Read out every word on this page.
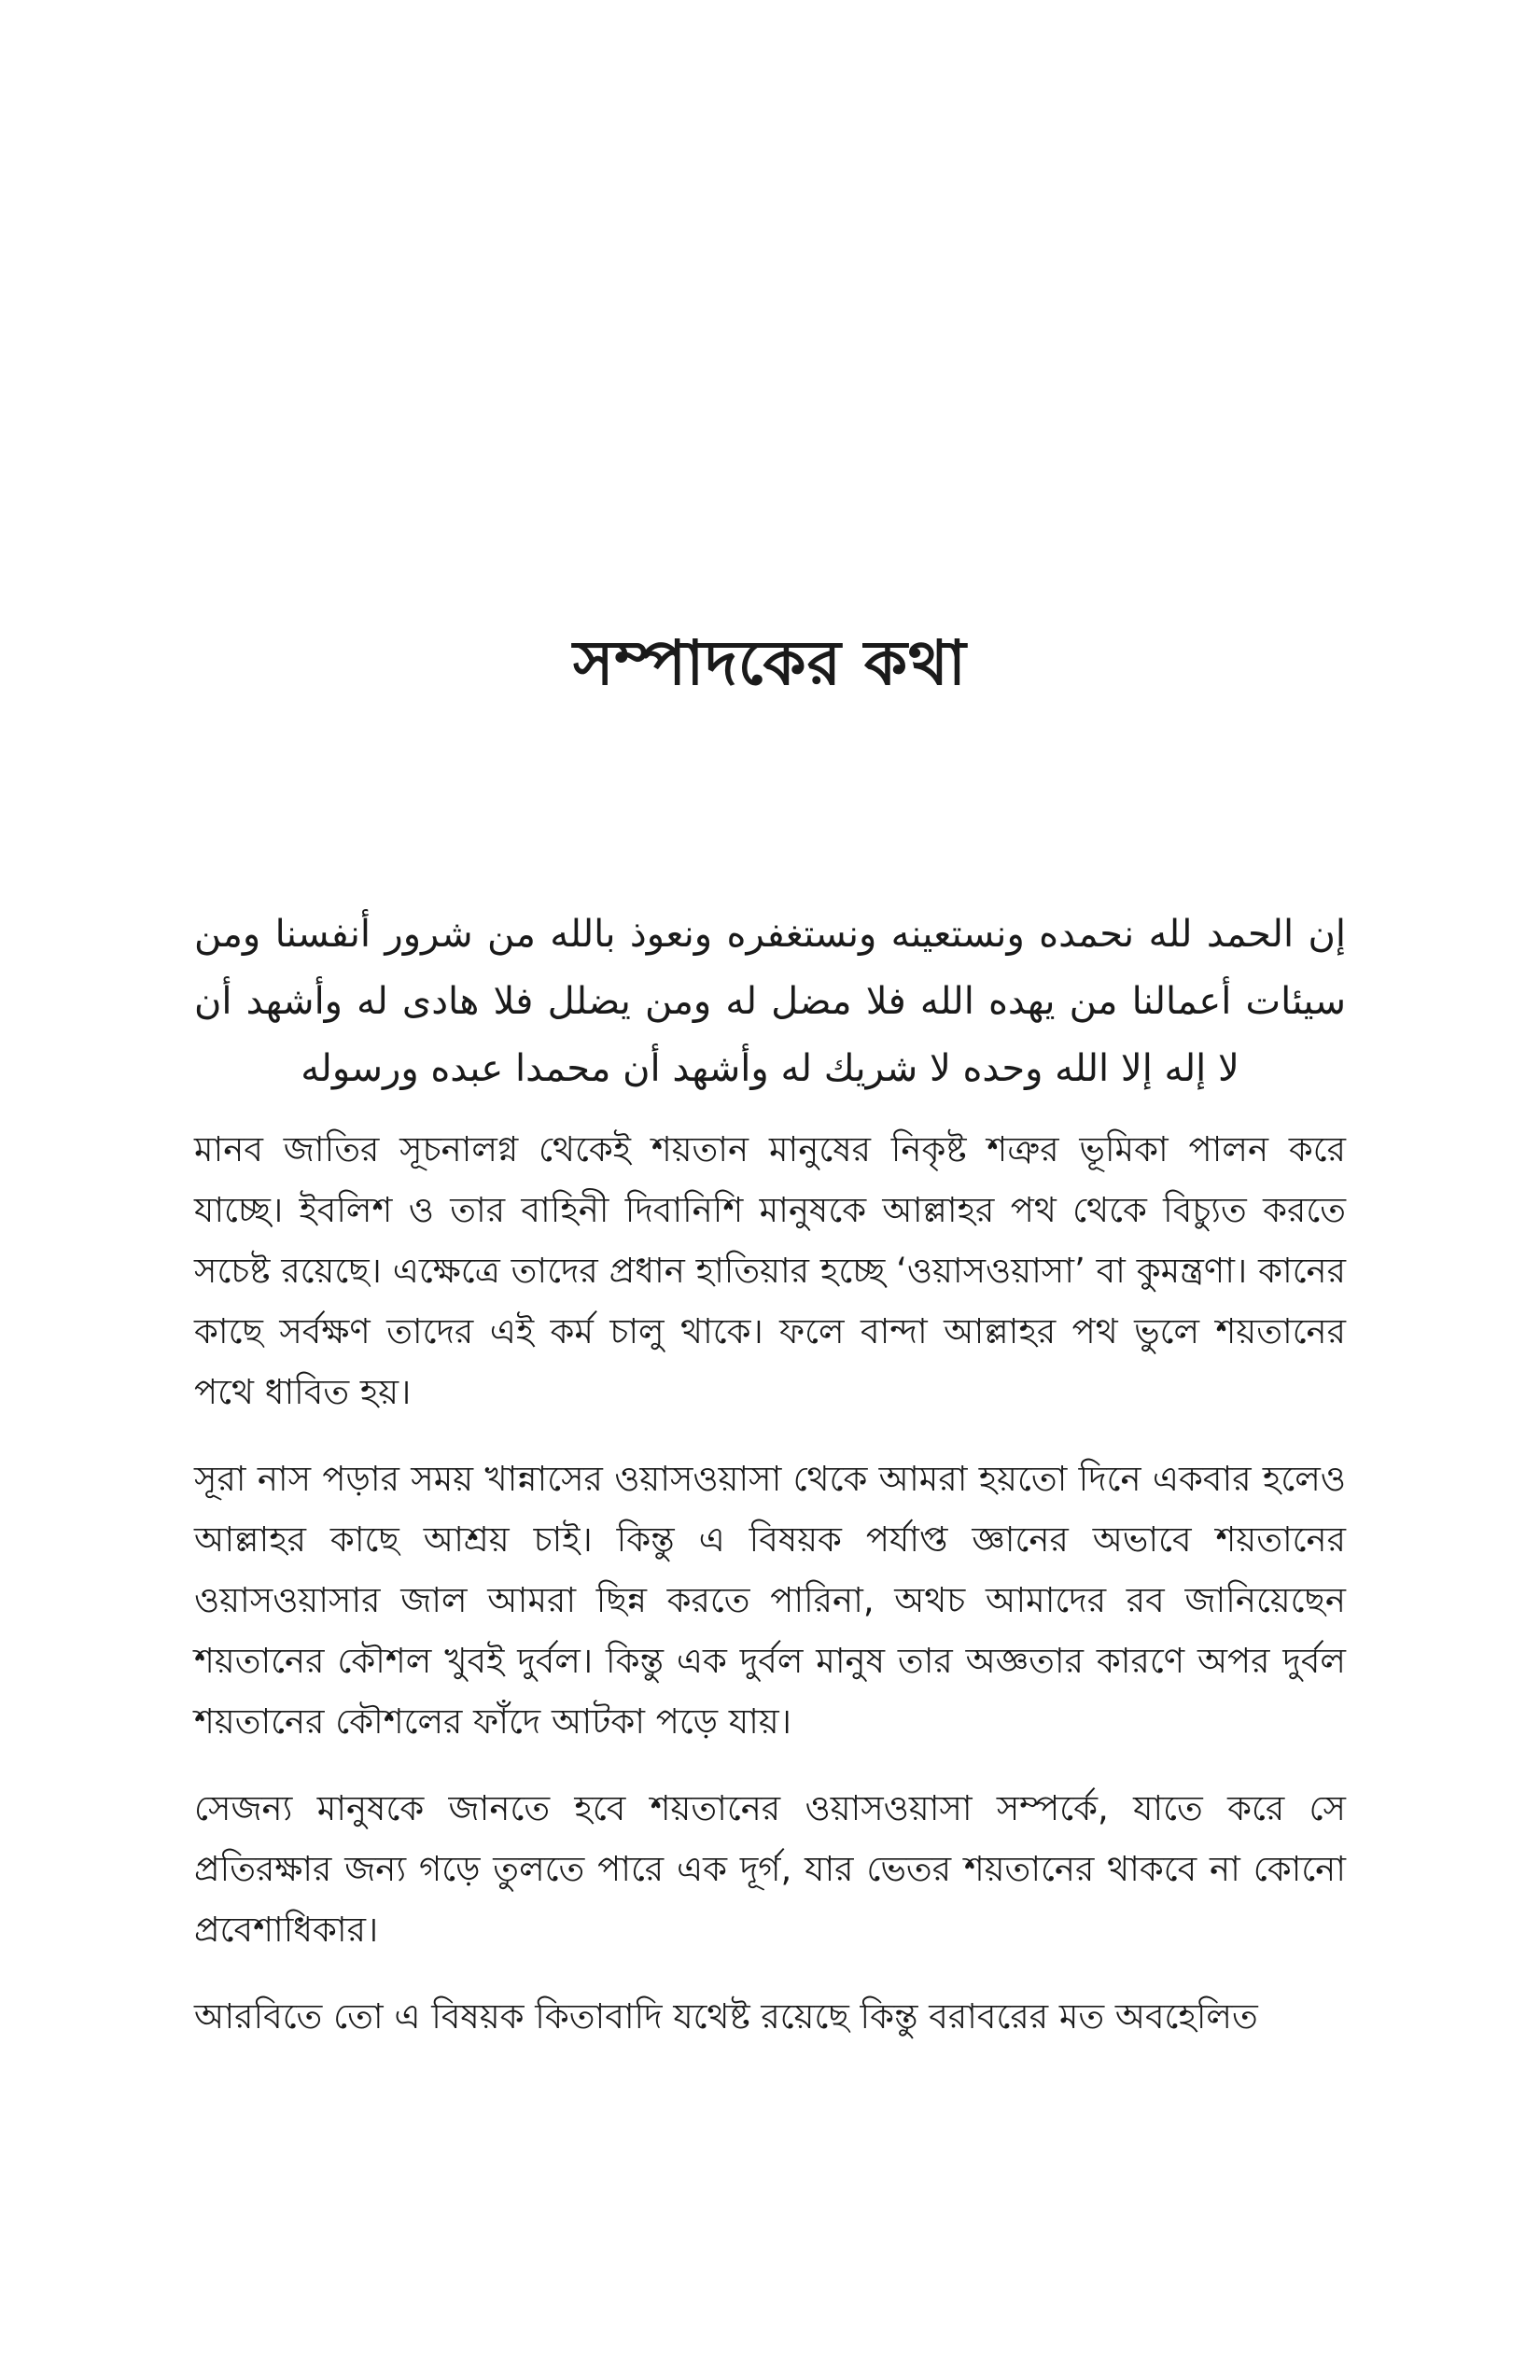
সম্পাদকের কথা

إن الحمد لله نحمده ونستعينه ونستغفره ونعوذ بالله من شرور أنفسنا ومن سيئات أعمالنا من يهده الله فلا مضل له ومن يضلل فلا هادى له وأشهد أن لا إله إلا الله وحده لا شريك له وأشهد أن محمدا عبده ورسوله

মানব জাতির সূচনালগ্ন থেকেই শয়তান মানুষের নিকৃষ্ট শত্রুর ভূমিকা পালন করে যাচ্ছে। ইবলিশ ও তার বাহিনী দিবানিশি মানুষকে আল্লাহর পথ থেকে বিচ্যুত করতে সচেষ্ট রয়েছে। এক্ষেত্রে তাদের প্রধান হাতিয়ার হচ্ছে ‘ওয়াসওয়াসা’ বা কুমন্ত্রণা। কানের কাছে সর্বক্ষণ তাদের এই কর্ম চালু থাকে। ফলে বান্দা আল্লাহর পথ ভুলে শয়তানের পথে ধাবিত হয়।

সূরা নাস পড়ার সময় খান্নাসের ওয়াসওয়াসা থেকে আমরা হয়তো দিনে একবার হলেও আল্লাহর কাছে আশ্রয় চাই। কিন্তু এ বিষয়ক পর্যাপ্ত জ্ঞানের অভাবে শয়তানের ওয়াসওয়াসার জাল আমরা ছিন্ন করতে পারিনা, অথচ আমাদের রব জানিয়েছেন শয়তানের কৌশল খুবই দুর্বল। কিন্তু এক দুর্বল মানুষ তার অজ্ঞতার কারণে অপর দুর্বল শয়তানের কৌশলের ফাঁদে আটকা পড়ে যায়।

সেজন্য মানুষকে জানতে হবে শয়তানের ওয়াসওয়াসা সম্পর্কে, যাতে করে সে প্রতিরক্ষার জন্য গড়ে তুলতে পারে এক দূর্গ, যার ভেতর শয়তানের থাকবে না কোনো প্রবেশাধিকার।

আরবিতে তো এ বিষয়ক কিতাবাদি যথেষ্ট রয়েছে কিন্তু বরাবরের মত অবহেলিত
